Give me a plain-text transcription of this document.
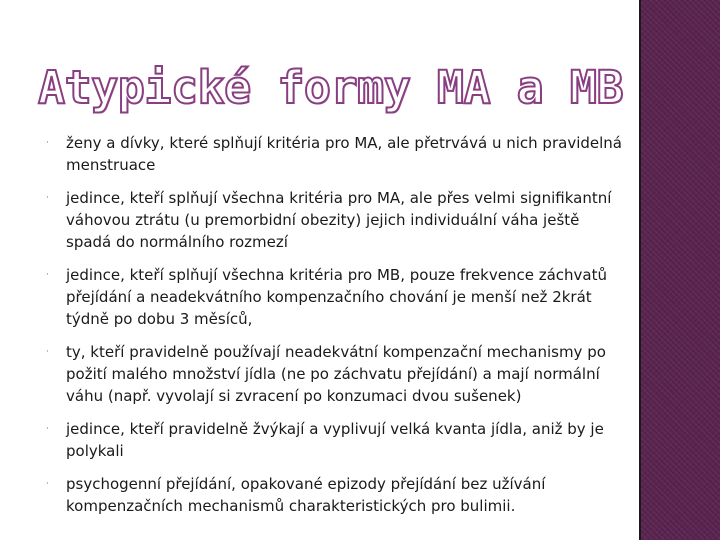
Atypické formy MA a MB
·	ženy a dívky, které splňují kritéria pro MA, ale přetrvává u nich pravidelná menstruace
·	jedince, kteří splňují všechna kritéria pro MA, ale přes velmi signifikantní váhovou ztrátu (u premorbidní obezity) jejich individuální váha ještě spadá do normálního rozmezí
·	jedince, kteří splňují všechna kritéria pro MB, pouze frekvence záchvatů přejídání a neadekvátního kompenzačního chování je menší než 2krát týdně po dobu 3 měsíců,
·	ty, kteří pravidelně používají neadekvátní kompenzační mechanismy po požití malého množství jídla (ne po záchvatu přejídání) a mají normální váhu (např. vyvolají si zvracení po konzumaci dvou sušenek)
·	jedince, kteří pravidelně žvýkají a vyplivují velká kvanta jídla, aniž by je polykali
·	psychogenní přejídání, opakované epizody přejídání bez užívání kompenzačních mechanismů charakteristických pro bulimii.
